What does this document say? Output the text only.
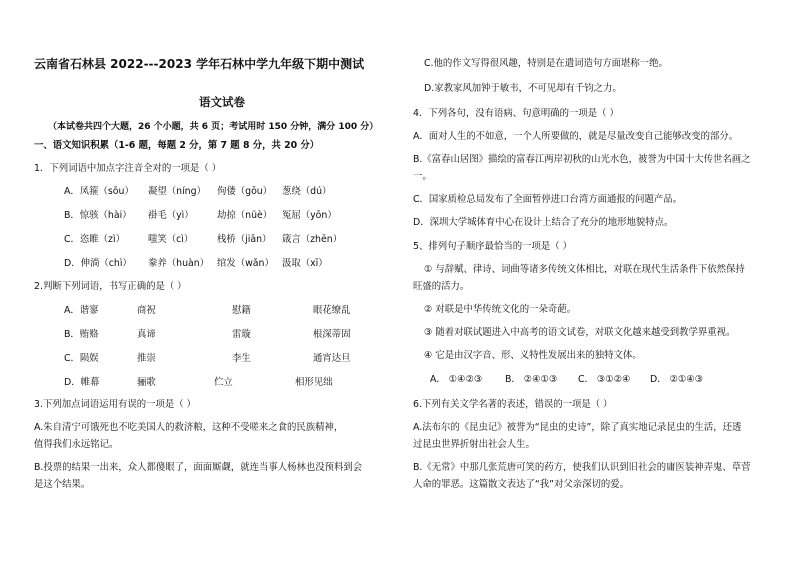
云南省石林县 2022---2023 学年石林中学九年级下期中测试
语文试卷
（本试卷共四个大题，26 个小题，共 6 页；考试用时 150 分钟，满分 100 分）
一、语文知识积累（1-6 题，每题 2 分，第 7 题 8 分，共 20 分）
1．下列词语中加点字注音全对的一项是（ ）
A．凤箍（sōu） 凝望（níng） 佝偻（gōu） 葱绕（dú）
B．惊骇（hài） 褂毛（yì） 劫掠（nüè） 冤屈（yōn）
C．恣睢（zì） 嗤笑（cì）	栈桥（jiān） 箴言（zhēn）
D．伸淌（chì） 豢养（huàn） 绾发（wǎn） 汲取（xī）
2.判断下列词语，书写正确的是（ ）
A．谐寥	商祝	慰籍	眼花缭乱
B．贿赂	真谛	雷璇	根深蒂固
C．陨娱	推崇	李生	通宵达旦
D．帷幕	骊歌	伫立	相形见绌
3.下列加点词语运用有误的一项是（ ）
A.朱自清宁可饿死也不吃美国人的救济粮，这种不受嗟来之食的民族精神，
值得我们永远铭记。
B.投票的结果一出来，众人都傻眼了，面面厮觑，就连当事人杨林也没预料到会
是这个结果。
C.他的作文写得很风趣，特别是在遣词造句方面堪称一绝。
D.家教家风加钟于敏韦，不可见却有千钧之力。
4．下列各句，没有语病、句意明确的一项是（ ）
A．面对人生的不如意，一个人所要做的，就是尽量改变自己能够改变的部分。
B.《富春山居图》描绘的富春江两岸初秋的山光水色，被誉为中国十大传世名画之
一。
C．国家质检总局发布了全面暂停进口台湾方面通报的问题产品。
D．深圳大学城体育中心在设计上结合了充分的地形地貌特点。
5、排列句子顺序最恰当的一项是（ ）
① 与辞赋、律诗、词曲等诸多传统文体相比，对联在现代生活条件下依然保持
旺盛的活力。
② 对联是中华传统文化的一朵奇葩。
③ 随着对联试题进入中高考的语文试卷，对联文化越来越受到教学界重视。
④ 它是由汉字音、形、义特性发展出来的独特文体。
A． ①④②③ B． ②④①③ C． ③①②④ D． ②①④③
6.下列有关文学名著的表述，错误的一项是（ ）
A.法布尔的《昆虫记》被誉为“昆虫的史诗”，除了真实地记录昆虫的生活，还透
过昆虫世界折射出社会人生。
B.《无常》中那几张荒唐可笑的药方，使我们认识到旧社会的庸医装神弄鬼、草菅
人命的罪恶。这篇散文表达了“我”对父亲深切的爱。
